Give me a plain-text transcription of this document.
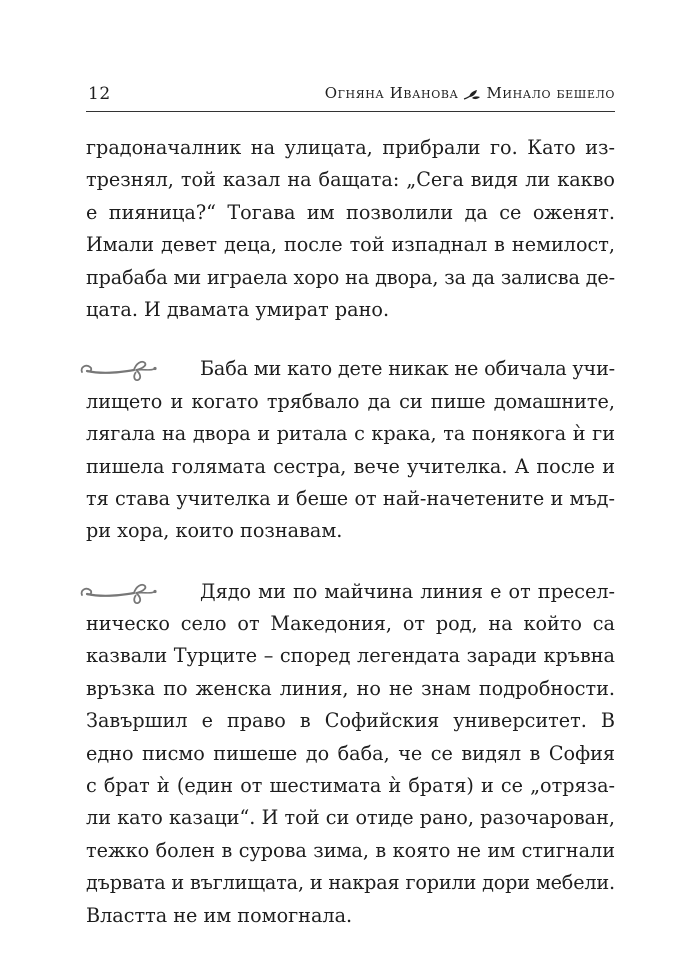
12	Огняна Иванова Минало бешело
градоначалник на улицата, прибрали го. Като из-
трезнял, той казал на бащата: „Сега видя ли какво
е пияница?“ Тогава им позволили да се оженят.
Имали девет деца, после той изпаднал в немилост,
прабаба ми играела хоро на двора, за да залисва де-
цата. И двамата умират рано.
Баба ми като дете никак не обичала учи-
лището и когато трябвало да си пише домашните,
лягала на двора и ритала с крака, та понякога ѝ ги
пишела голямата сестра, вече учителка. А после и
тя става учителка и беше от най-начетените и мъд-
ри хора, които познавам.
Дядо ми по майчина линия е от пресел-
ническо село от Македония, от род, на който са
казвали Турците – според легендата заради кръвна
връзка по женска линия, но не знам подробности.
Завършил е право в Софийския университет. В
едно писмо пишеше до баба, че се видял в София
с брат ѝ (един от шестимата ѝ братя) и се „отряза-
ли като казаци“. И той си отиде рано, разочарован,
тежко болен в сурова зима, в която не им стигнали
дървата и въглищата, и накрая горили дори мебели.
Властта не им помогнала.
